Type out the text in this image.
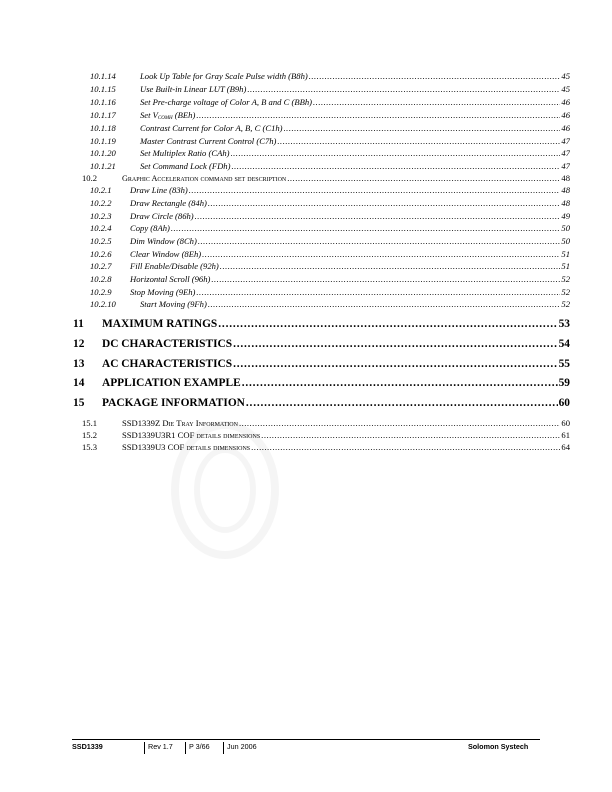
10.1.14	Look Up Table for Gray Scale Pulse width (B8h) .....	45
10.1.15	Use Built-in Linear LUT (B9h) .....	45
10.1.16	Set Pre-charge voltage of Color A, B and C (BBh) .....	46
10.1.17	Set $V_{COMH}$ (BEh) .....	46
10.1.18	Contrast Current for Color A, B, C (C1h) .....	46
10.1.19	Master Contrast Current Control (C7h) .....	47
10.1.20	Set Multiplex Ratio (CAh) .....	47
10.1.21	Set Command Lock (FDh) .....	47
10.2	Graphic Acceleration command set description .....	48
10.2.1	Draw Line (83h) .....	48
10.2.2	Draw Rectangle (84h) .....	48
10.2.3	Draw Circle (86h) .....	49
10.2.4	Copy (8Ah) .....	50
10.2.5	Dim Window (8Ch) .....	50
10.2.6	Clear Window (8Eh) .....	51
10.2.7	Fill Enable/Disable (92h) .....	51
10.2.8	Horizontal Scroll (96h) .....	52
10.2.9	Stop Moving (9Eh) .....	52
10.2.10	Start Moving (9Fh) .....	52
11	MAXIMUM RATINGS .....	53
12	DC CHARACTERISTICS .....	54
13	AC CHARACTERISTICS .....	55
14	APPLICATION EXAMPLE .....	59
15	PACKAGE INFORMATION .....	60
15.1	SSD1339Z Die Tray Information .....	60
15.2	SSD1339U3R1 COF details dimensions .....	61
15.3	SSD1339U3 COF details dimensions .....	64
SSD1339	Rev 1.7	P 3/66	Jun 2006	Solomon Systech
